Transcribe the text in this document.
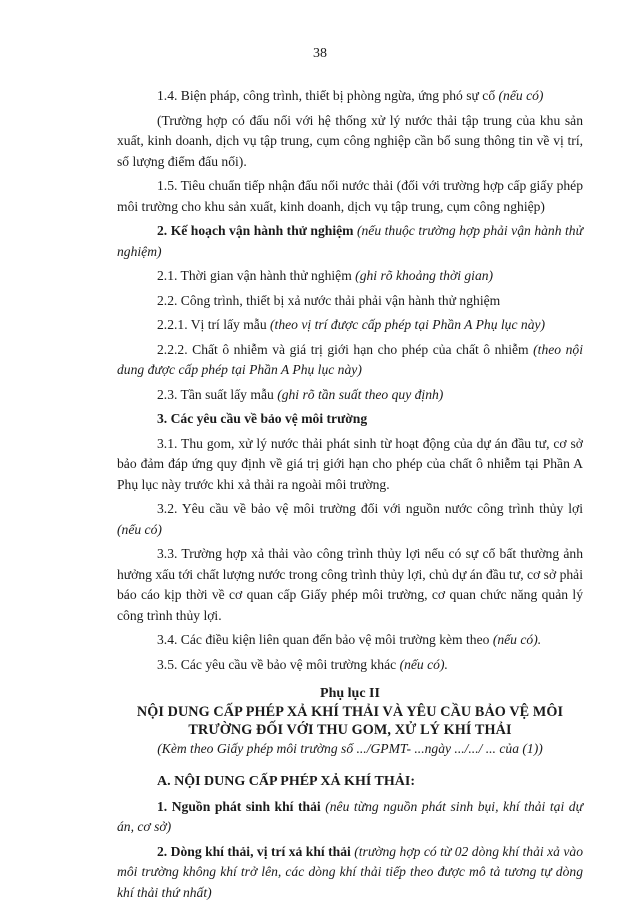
38

1.4. Biện pháp, công trình, thiết bị phòng ngừa, ứng phó sự cố (nếu có)

(Trường hợp có đấu nối với hệ thống xử lý nước thải tập trung của khu sản xuất, kinh doanh, dịch vụ tập trung, cụm công nghiệp cần bổ sung thông tin về vị trí, số lượng điểm đấu nối).

1.5. Tiêu chuẩn tiếp nhận đấu nối nước thải (đối với trường hợp cấp giấy phép môi trường cho khu sản xuất, kinh doanh, dịch vụ tập trung, cụm công nghiệp)

2. Kế hoạch vận hành thử nghiệm (nếu thuộc trường hợp phải vận hành thử nghiệm)

2.1. Thời gian vận hành thử nghiệm (ghi rõ khoảng thời gian)

2.2. Công trình, thiết bị xả nước thải phải vận hành thử nghiệm

2.2.1. Vị trí lấy mẫu (theo vị trí được cấp phép tại Phần A Phụ lục này)

2.2.2. Chất ô nhiễm và giá trị giới hạn cho phép của chất ô nhiễm (theo nội dung được cấp phép tại Phần A Phụ lục này)

2.3. Tần suất lấy mẫu (ghi rõ tần suất theo quy định)

3. Các yêu cầu về bảo vệ môi trường

3.1. Thu gom, xử lý nước thải phát sinh từ hoạt động của dự án đầu tư, cơ sở bảo đảm đáp ứng quy định về giá trị giới hạn cho phép của chất ô nhiễm tại Phần A Phụ lục này trước khi xả thải ra ngoài môi trường.

3.2. Yêu cầu về bảo vệ môi trường đối với nguồn nước công trình thủy lợi (nếu có)

3.3. Trường hợp xả thải vào công trình thủy lợi nếu có sự cố bất thường ảnh hưởng xấu tới chất lượng nước trong công trình thủy lợi, chủ dự án đầu tư, cơ sở phải báo cáo kịp thời về cơ quan cấp Giấy phép môi trường, cơ quan chức năng quản lý công trình thủy lợi.

3.4. Các điều kiện liên quan đến bảo vệ môi trường kèm theo (nếu có).

3.5. Các yêu cầu về bảo vệ môi trường khác (nếu có).

Phụ lục II

NỘI DUNG CẤP PHÉP XẢ KHÍ THẢI VÀ YÊU CẦU BẢO VỆ MÔI

TRƯỜNG ĐỐI VỚI THU GOM, XỬ LÝ KHÍ THẢI

(Kèm theo Giấy phép môi trường số .../GPMT- ...ngày .../.../ ... của (1))

A. NỘI DUNG CẤP PHÉP XẢ KHÍ THẢI:

1. Nguồn phát sinh khí thải (nêu từng nguồn phát sinh bụi, khí thải tại dự án, cơ sở)

2. Dòng khí thải, vị trí xả khí thải (trường hợp có từ 02 dòng khí thải xả vào môi trường không khí trở lên, các dòng khí thải tiếp theo được mô tả tương tự dòng khí thải thứ nhất)
